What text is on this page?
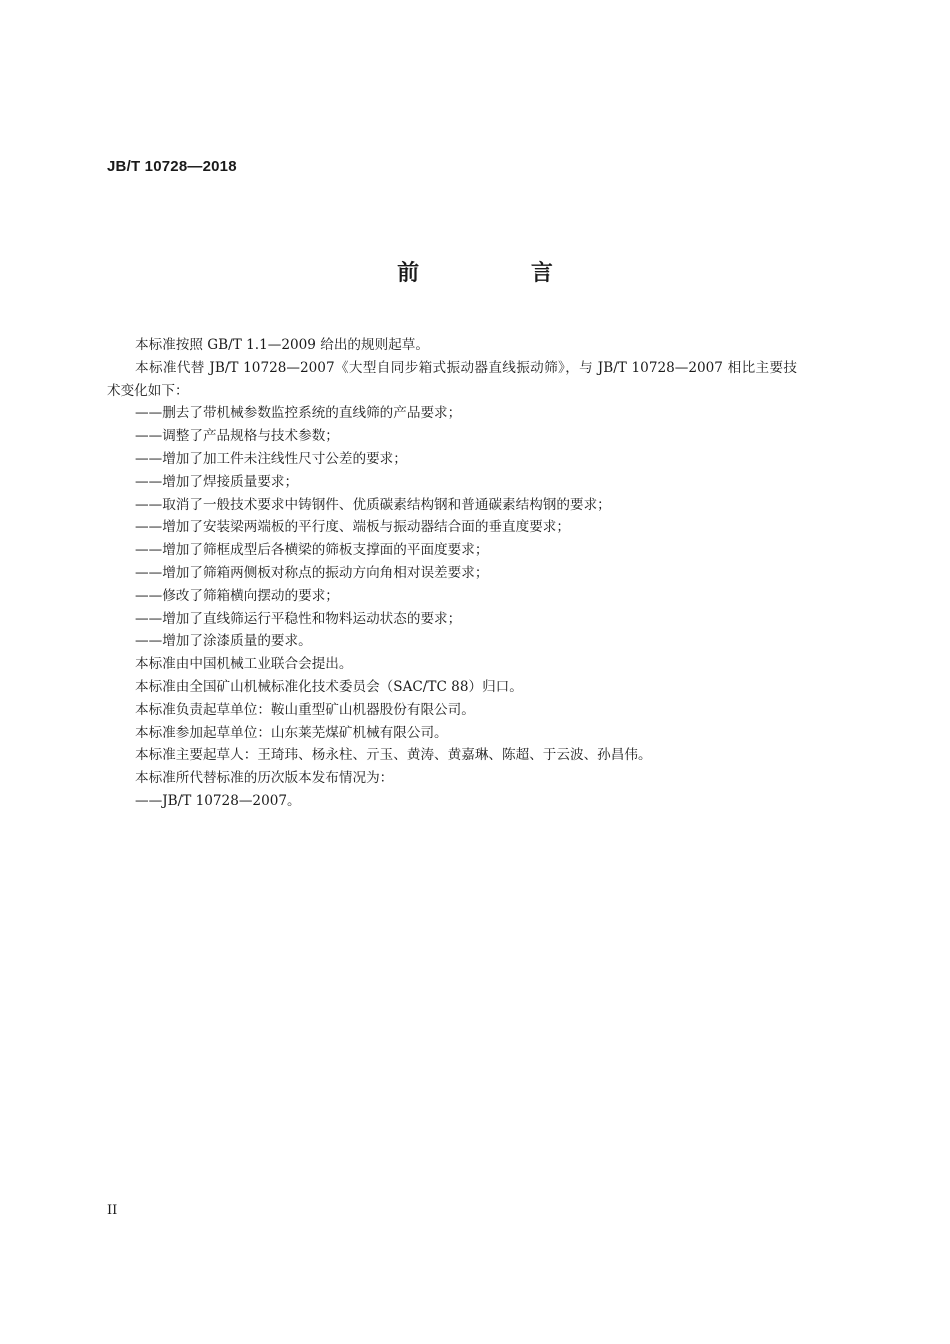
JB/T 10728—2018
前 言

本标准按照 GB/T 1.1—2009 给出的规则起草。

本标准代替 JB/T 10728—2007《大型自同步箱式振动器直线振动筛》，与 JB/T 10728—2007 相比主要技术变化如下：

——删去了带机械参数监控系统的直线筛的产品要求；

——调整了产品规格与技术参数；

——增加了加工件未注线性尺寸公差的要求；

——增加了焊接质量要求；

——取消了一般技术要求中铸钢件、优质碳素结构钢和普通碳素结构钢的要求；

——增加了安装梁两端板的平行度、端板与振动器结合面的垂直度要求；

——增加了筛框成型后各横梁的筛板支撑面的平面度要求；

——增加了筛箱两侧板对称点的振动方向角相对误差要求；

——修改了筛箱横向摆动的要求；

——增加了直线筛运行平稳性和物料运动状态的要求；

——增加了涂漆质量的要求。

本标准由中国机械工业联合会提出。

本标准由全国矿山机械标准化技术委员会（SAC/TC 88）归口。

本标准负责起草单位：鞍山重型矿山机器股份有限公司。

本标准参加起草单位：山东莱芜煤矿机械有限公司。

本标准主要起草人：王琦玮、杨永柱、亓玉、黄涛、黄嘉琳、陈超、于云波、孙昌伟。

本标准所代替标准的历次版本发布情况为：

——JB/T 10728—2007。

II
